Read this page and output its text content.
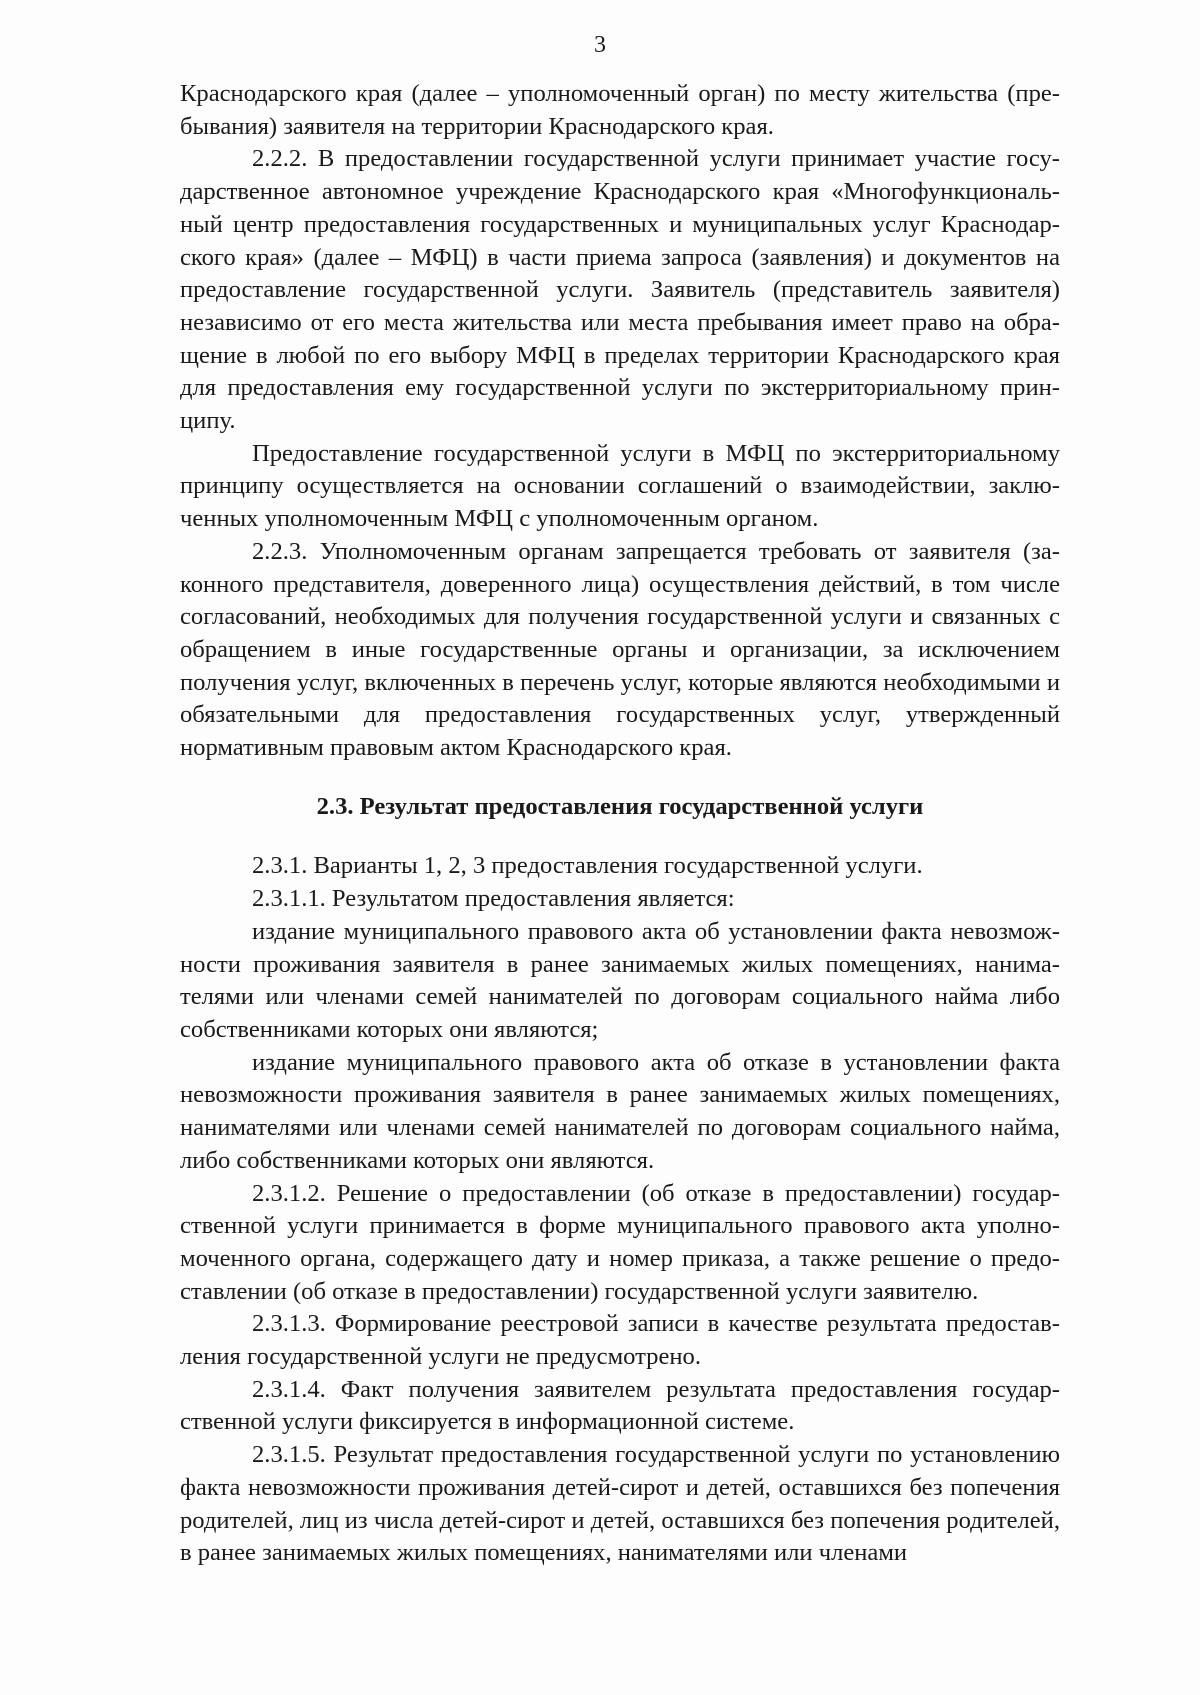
3

Краснодарского края (далее – уполномоченный орган) по месту жительства (пребывания) заявителя на территории Краснодарского края.

2.2.2. В предоставлении государственной услуги принимает участие государственное автономное учреждение Краснодарского края «Многофункциональный центр предоставления государственных и муниципальных услуг Краснодарского края» (далее – МФЦ) в части приема запроса (заявления) и документов на предоставление государственной услуги. Заявитель (представитель заявителя) независимо от его места жительства или места пребывания имеет право на обращение в любой по его выбору МФЦ в пределах территории Краснодарского края для предоставления ему государственной услуги по экстерриториальному принципу.

Предоставление государственной услуги в МФЦ по экстерриториальному принципу осуществляется на основании соглашений о взаимодействии, заключенных уполномоченным МФЦ с уполномоченным органом.

2.2.3. Уполномоченным органам запрещается требовать от заявителя (законного представителя, доверенного лица) осуществления действий, в том числе согласований, необходимых для получения государственной услуги и связанных с обращением в иные государственные органы и организации, за исключением получения услуг, включенных в перечень услуг, которые являются необходимыми и обязательными для предоставления государственных услуг, утвержденный нормативным правовым актом Краснодарского края.

2.3. Результат предоставления государственной услуги

2.3.1. Варианты 1, 2, 3 предоставления государственной услуги.

2.3.1.1. Результатом предоставления является:

издание муниципального правового акта об установлении факта невозможности проживания заявителя в ранее занимаемых жилых помещениях, нанимателями или членами семей нанимателей по договорам социального найма либо собственниками которых они являются;

издание муниципального правового акта об отказе в установлении факта невозможности проживания заявителя в ранее занимаемых жилых помещениях, нанимателями или членами семей нанимателей по договорам социального найма, либо собственниками которых они являются.

2.3.1.2. Решение о предоставлении (об отказе в предоставлении) государственной услуги принимается в форме муниципального правового акта уполномоченного органа, содержащего дату и номер приказа, а также решение о предоставлении (об отказе в предоставлении) государственной услуги заявителю.

2.3.1.3. Формирование реестровой записи в качестве результата предоставления государственной услуги не предусмотрено.

2.3.1.4. Факт получения заявителем результата предоставления государственной услуги фиксируется в информационной системе.

2.3.1.5. Результат предоставления государственной услуги по установлению факта невозможности проживания детей-сирот и детей, оставшихся без попечения родителей, лиц из числа детей-сирот и детей, оставшихся без попечения родителей, в ранее занимаемых жилых помещениях, нанимателями или членами
